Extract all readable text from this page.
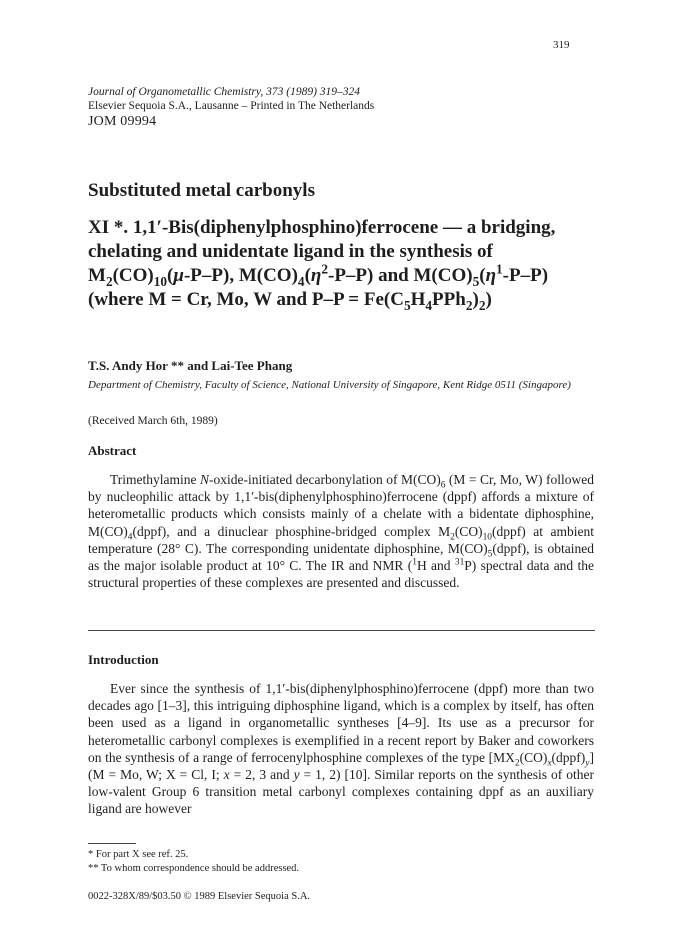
319
Journal of Organometallic Chemistry, 373 (1989) 319–324
Elsevier Sequoia S.A., Lausanne – Printed in The Netherlands
JOM 09994
Substituted metal carbonyls
XI *. 1,1′-Bis(diphenylphosphino)ferrocene — a bridging,
chelating and unidentate ligand in the synthesis of
$M_2(CO)_{10}(\mu-P-P)$, $M(CO)_4(\eta^2-P-P)$ and $M(CO)_5(\eta^1-P-P)$
(where M = Cr, Mo, W and $P-P = Fe(C_5H_4PPh_2)_2$)
T.S. Andy Hor ** and Lai-Tee Phang
Department of Chemistry, Faculty of Science, National University of Singapore, Kent Ridge 0511 (Singapore)
(Received March 6th, 1989)
Abstract
Trimethylamine N-oxide-initiated decarbonylation of $M(CO)_6$ (M = Cr, Mo, W) followed by nucleophilic attack by 1,1′-bis(diphenylphosphino)ferrocene (dppf) affords a mixture of heterometallic products which consists mainly of a chelate with a bidentate diphosphine, $M(CO)_4(dppf)$, and a dinuclear phosphine-bridged complex $M_2(CO)_{10}(dppf)$ at ambient temperature (28° C). The corresponding unidentate diphosphine, $M(CO)_5(dppf)$, is obtained as the major isolable product at 10° C. The IR and NMR ($^1$H and $^{31}$P) spectral data and the structural properties of these complexes are presented and discussed.
Introduction
Ever since the synthesis of 1,1′-bis(diphenylphosphino)ferrocene (dppf) more than two decades ago [1–3], this intriguing diphosphine ligand, which is a complex by itself, has often been used as a ligand in organometallic syntheses [4–9]. Its use as a precursor for heterometallic carbonyl complexes is exemplified in a recent report by Baker and coworkers on the synthesis of a range of ferrocenylphosphine complexes of the type $[MX_2(CO)_x(dppf)_y] (M = Mo$, W; X = Cl, I; x = 2, 3 and y = 1, 2) [10]. Similar reports on the synthesis of other low-valent Group 6 transition metal carbonyl complexes containing dppf as an auxiliary ligand are however
* For part X see ref. 25.
** To whom correspondence should be addressed.
0022-328X/89/$03.50 © 1989 Elsevier Sequoia S.A.
